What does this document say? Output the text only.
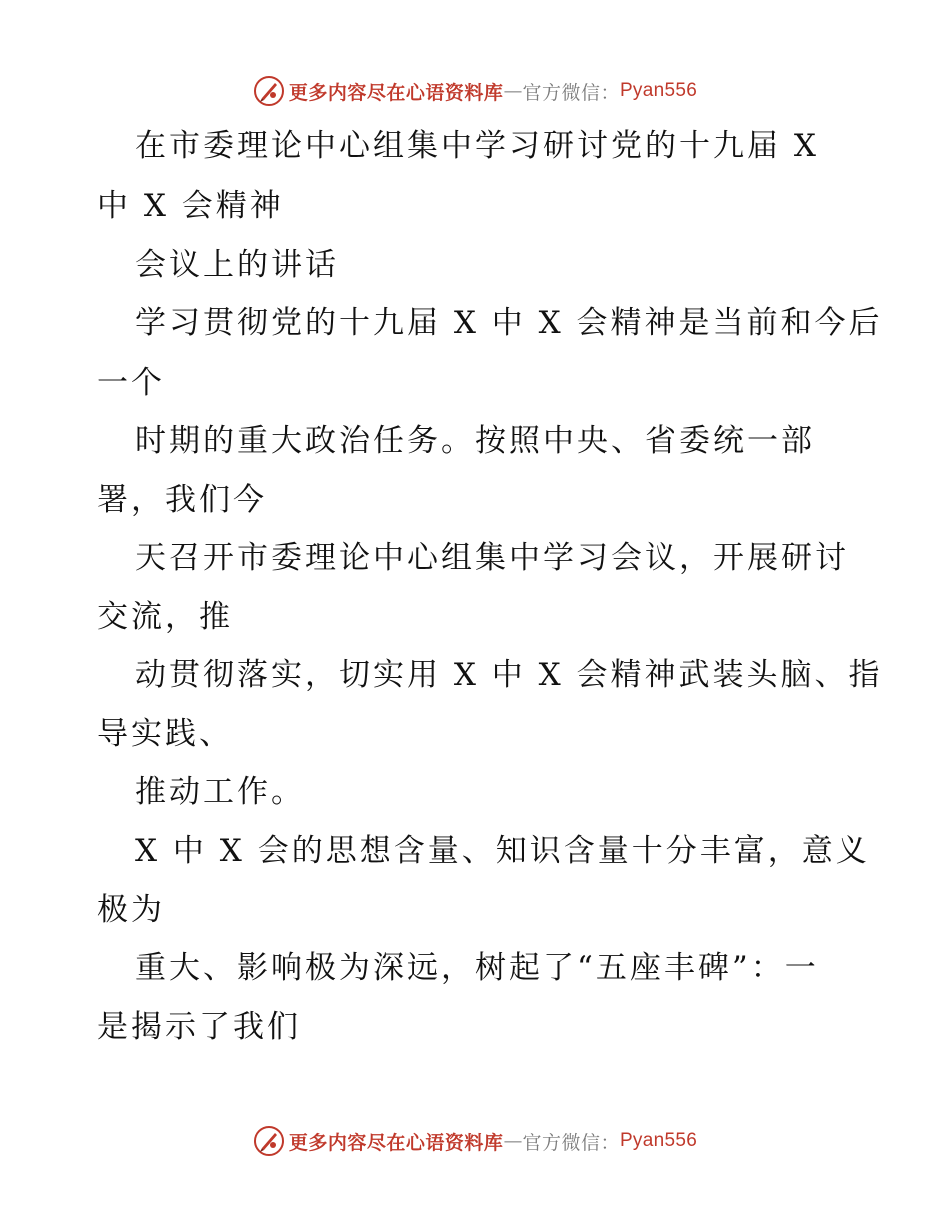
更多内容尽在心语资料库 — 官方微信： Pyan556
在市委理论中心组集中学习研讨党的十九届 X
中 X 会精神
会议上的讲话
学习贯彻党的十九届 X 中 X 会精神是当前和今后
一个
时期的重大政治任务。按照中央、省委统一部
署，我们今
天召开市委理论中心组集中学习会议，开展研讨
交流，推
动贯彻落实，切实用 X 中 X 会精神武装头脑、指
导实践、
推动工作。
X 中 X 会的思想含量、知识含量十分丰富，意义
极为
重大、影响极为深远，树起了“五座丰碑”：一
是揭示了我们
更多内容尽在心语资料库 — 官方微信： Pyan556
